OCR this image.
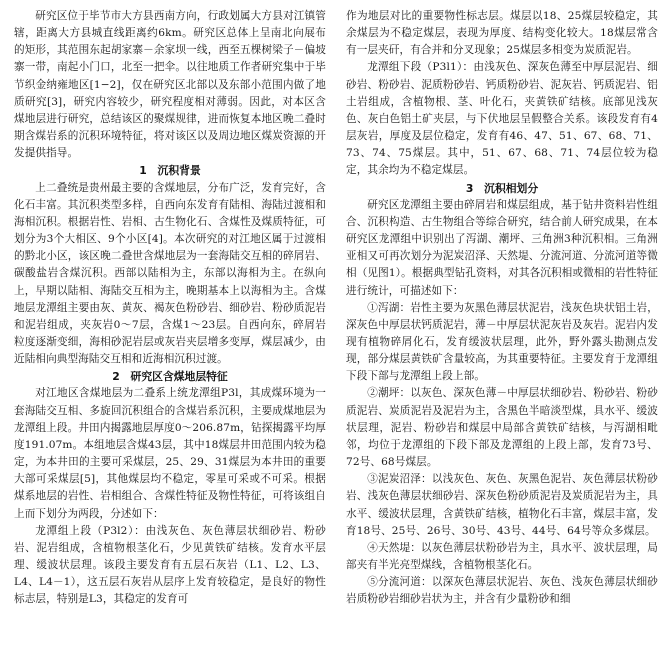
研究区位于毕节市大方县西南方向，行政划属大方县对江镇管辖，距离大方县城直线距离约6km。研究区总体上呈南北向展布的矩形，其范围东起胡家寨－余家坝一线，西至五棵树梁子－偏坡寨一带，南起小门口，北至一把伞。以往地质工作者研究集中于毕节织金纳雍地区[1−2]，仅在研究区北部以及东部小范围内做了地质研究[3]，研究内容较少，研究程度相对薄弱。因此，对本区含煤地层进行研究，总结该区的聚煤规律，进而恢复本地区晚二叠时期含煤岩系的沉积环境特征，将对该区以及周边地区煤炭资源的开发提供指导。

1　沉积背景

上二叠统是贵州最主要的含煤地层，分布广泛，发育完好，含化石丰富。其沉积类型多样，自西向东发育有陆相、海陆过渡相和海相沉积。根据岩性、岩相、古生物化石、含煤性及煤质特征，可划分为3个大相区、9个小区[4]。本次研究的对江地区属于过渡相的黔北小区，该区晚二叠世含煤地层为一套海陆交互相的碎屑岩、碳酸盐岩含煤沉积。西部以陆相为主，东部以海相为主。在纵向上，早期以陆相、海陆交互相为主，晚期基本上以海相为主。含煤地层龙潭组主要由灰、黄灰、褐灰色粉砂岩、细砂岩、粉砂质泥岩和泥岩组成，夹灰岩0～7层，含煤1～23层。自西向东，碎屑岩粒度逐渐变细，海相砂泥岩层或灰岩夹层增多变厚，煤层减少，由近陆相向典型海陆交互相和近海相沉积过渡。

2　研究区含煤地层特征

对江地区含煤地层为二叠系上统龙潭组P3l，其成煤环境为一套海陆交互相、多旋回沉积组合的含煤岩系沉积，主要成煤地层为龙潭组上段。井田内揭露地层厚度0～206.87m，钻探揭露平均厚度191.07m。本组地层含煤43层，其中18煤层井田范围内较为稳定，为本井田的主要可采煤层，25、29、31煤层为本井田的重要大部可采煤层[5]，其他煤层均不稳定，零星可采或不可采。根据煤系地层的岩性、岩相组合、含煤性特征及物性特征，可将该组自上而下划分为两段，分述如下：

龙潭组上段（P3l2）：由浅灰色、灰色薄层状细砂岩、粉砂岩、泥岩组成，含植物根茎化石，少见黄铁矿结核。发育水平层理、缓波状层理。该段主要发育有五层石灰岩（L1、L2、L3、L4、L4－1），这五层石灰岩从层序上发育较稳定，是良好的物性标志层，特别是L3，其稳定的发育可

作为地层对比的重要物性标志层。煤层以18、25煤层较稳定，其余煤层为不稳定煤层，表现为厚度、结构变化较大。18煤层常含有一层夹矸，有合并和分叉现象；25煤层多相变为炭质泥岩。

龙潭组下段（P3l1）：由浅灰色、深灰色薄至中厚层泥岩、细砂岩、粉砂岩、泥质粉砂岩、钙质粉砂岩、泥灰岩、钙质泥岩、铝土岩组成，含植物根、茎、叶化石，夹黄铁矿结核。底部见浅灰色、灰白色铝土矿夹层，与下伏地层呈假整合关系。该段发育有4层灰岩，厚度及层位稳定，发育有46、47、51、67、68、71、73、74、75煤层。其中，51、67、68、71、74层位较为稳定，其余均为不稳定煤层。

3　沉积相划分

研究区龙潭组主要由碎屑岩和煤层组成，基于钻井资料岩性组合、沉积构造、古生物组合等综合研究，结合前人研究成果，在本研究区龙潭组中识别出了泻湖、潮坪、三角洲3种沉积相。三角洲亚相又可再次划分为泥炭沼泽、天然堤、分流河道、分流河道等微相（见图1）。根据典型钻孔资料，对其各沉积相或微相的岩性特征进行统计，可描述如下：

①泻湖：岩性主要为灰黑色薄层状泥岩，浅灰色块状铝土岩，深灰色中厚层状钙质泥岩，薄－中厚层状泥灰岩及灰岩。泥岩内发现有植物碎屑化石，发育缓波状层理，此外，野外露头勘测点发现，部分煤层黄铁矿含量较高，为其重要特征。主要发育于龙潭组下段下部与龙潭组上段上部。

②潮坪：以灰色、深灰色薄－中厚层状细砂岩、粉砂岩、粉砂质泥岩、炭质泥岩及泥岩为主，含黑色半暗淡型煤，具水平、缓波状层理，泥岩、粉砂岩和煤层中局部含黄铁矿结核，与泻湖相毗邻，均位于龙潭组的下段下部及龙潭组的上段上部，发育73号、72号、68号煤层。

③泥炭沼泽：以浅灰色、灰色、灰黑色泥岩、灰色薄层状粉砂岩、浅灰色薄层状细砂岩、深灰色粉砂质泥岩及炭质泥岩为主，具水平、缓波状层理，含黄铁矿结核，植物化石丰富，煤层丰富，发育18号、25号、26号、30号、43号、44号、64号等众多煤层。

④天然堤：以灰色薄层状粉砂岩为主，具水平、波状层理，局部夹有半光亮型煤线，含植物根茎化石。

⑤分流河道：以深灰色薄层状泥岩、灰色、浅灰色薄层状细砂岩质粉砂岩细砂岩状为主，并含有少量粉砂和细
